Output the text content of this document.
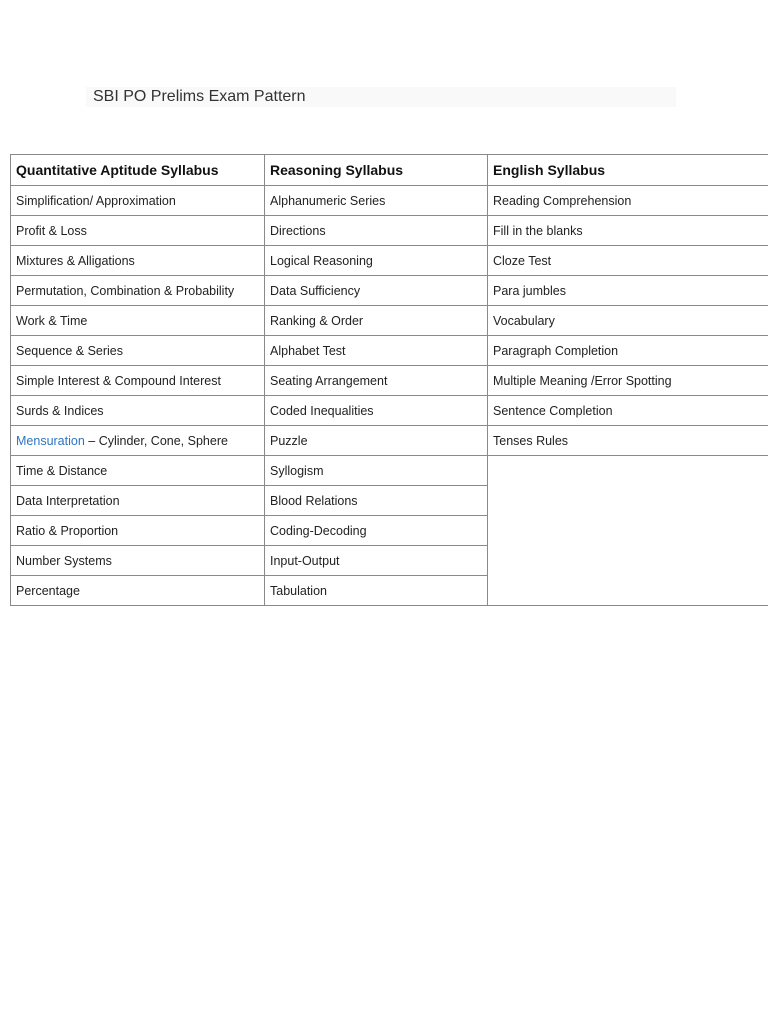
SBI PO Prelims Exam Pattern
Quantitative Aptitude Syllabus	Reasoning Syllabus	English Syllabus
Simplification/ Approximation	Alphanumeric Series	Reading Comprehension
Profit & Loss	Directions	Fill in the blanks
Mixtures & Alligations	Logical Reasoning	Cloze Test
Permutation, Combination & Probability	Data Sufficiency	Para jumbles
Work & Time	Ranking & Order	Vocabulary
Sequence & Series	Alphabet Test	Paragraph Completion
Simple Interest & Compound Interest	Seating Arrangement	Multiple Meaning /Error Spotting
Surds & Indices	Coded Inequalities	Sentence Completion
Mensuration – Cylinder, Cone, Sphere	Puzzle	Tenses Rules
Time & Distance	Syllogism	
Data Interpretation	Blood Relations	
Ratio & Proportion	Coding-Decoding	
Number Systems	Input-Output	
Percentage	Tabulation	
